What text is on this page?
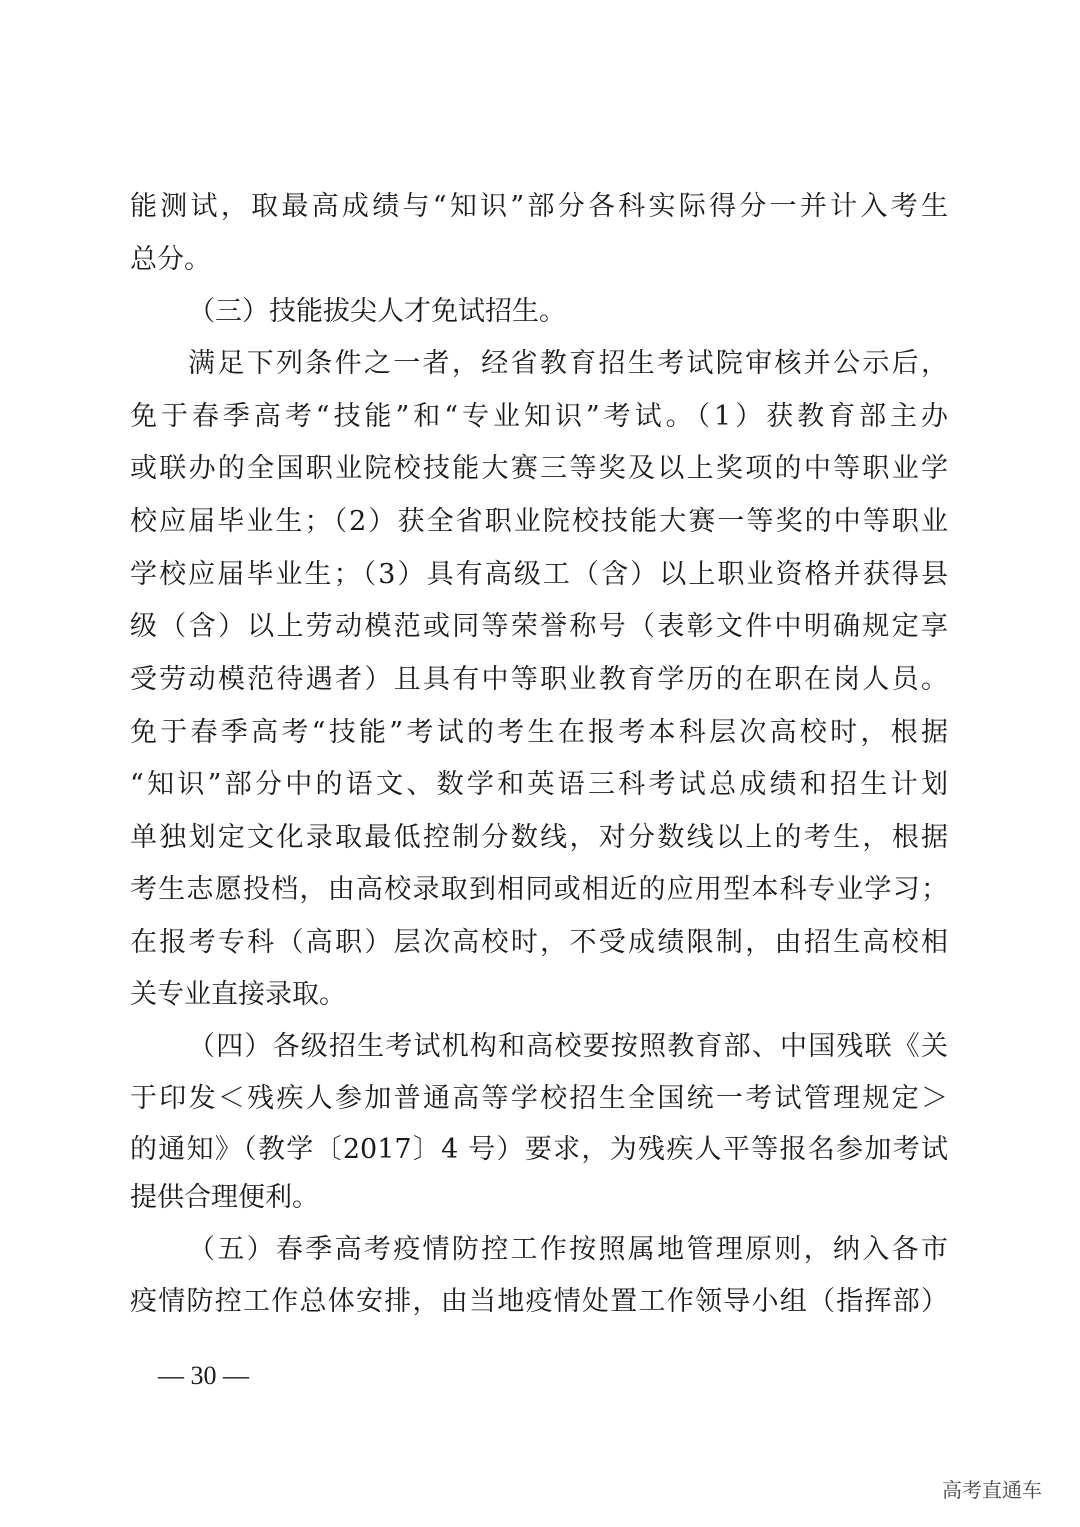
能测试，取最高成绩与“知识”部分各科实际得分一并计入考生
总分。
（三）技能拔尖人才免试招生。
满足下列条件之一者，经省教育招生考试院审核并公示后，
免于春季高考“技能”和“专业知识”考试。（1）获教育部主办
或联办的全国职业院校技能大赛三等奖及以上奖项的中等职业学
校应届毕业生；（2）获全省职业院校技能大赛一等奖的中等职业
学校应届毕业生；（3）具有高级工（含）以上职业资格并获得县
级（含）以上劳动模范或同等荣誉称号（表彰文件中明确规定享
受劳动模范待遇者）且具有中等职业教育学历的在职在岗人员。
免于春季高考“技能”考试的考生在报考本科层次高校时，根据
“知识”部分中的语文、数学和英语三科考试总成绩和招生计划
单独划定文化录取最低控制分数线，对分数线以上的考生，根据
考生志愿投档，由高校录取到相同或相近的应用型本科专业学习；
在报考专科（高职）层次高校时，不受成绩限制，由招生高校相
关专业直接录取。
（四）各级招生考试机构和高校要按照教育部、中国残联《关
于印发＜残疾人参加普通高等学校招生全国统一考试管理规定＞
的通知》（教学〔2017〕4 号）要求，为残疾人平等报名参加考试
提供合理便利。
（五）春季高考疫情防控工作按照属地管理原则，纳入各市
疫情防控工作总体安排，由当地疫情处置工作领导小组（指挥部）
— 30 —
高考直通车
